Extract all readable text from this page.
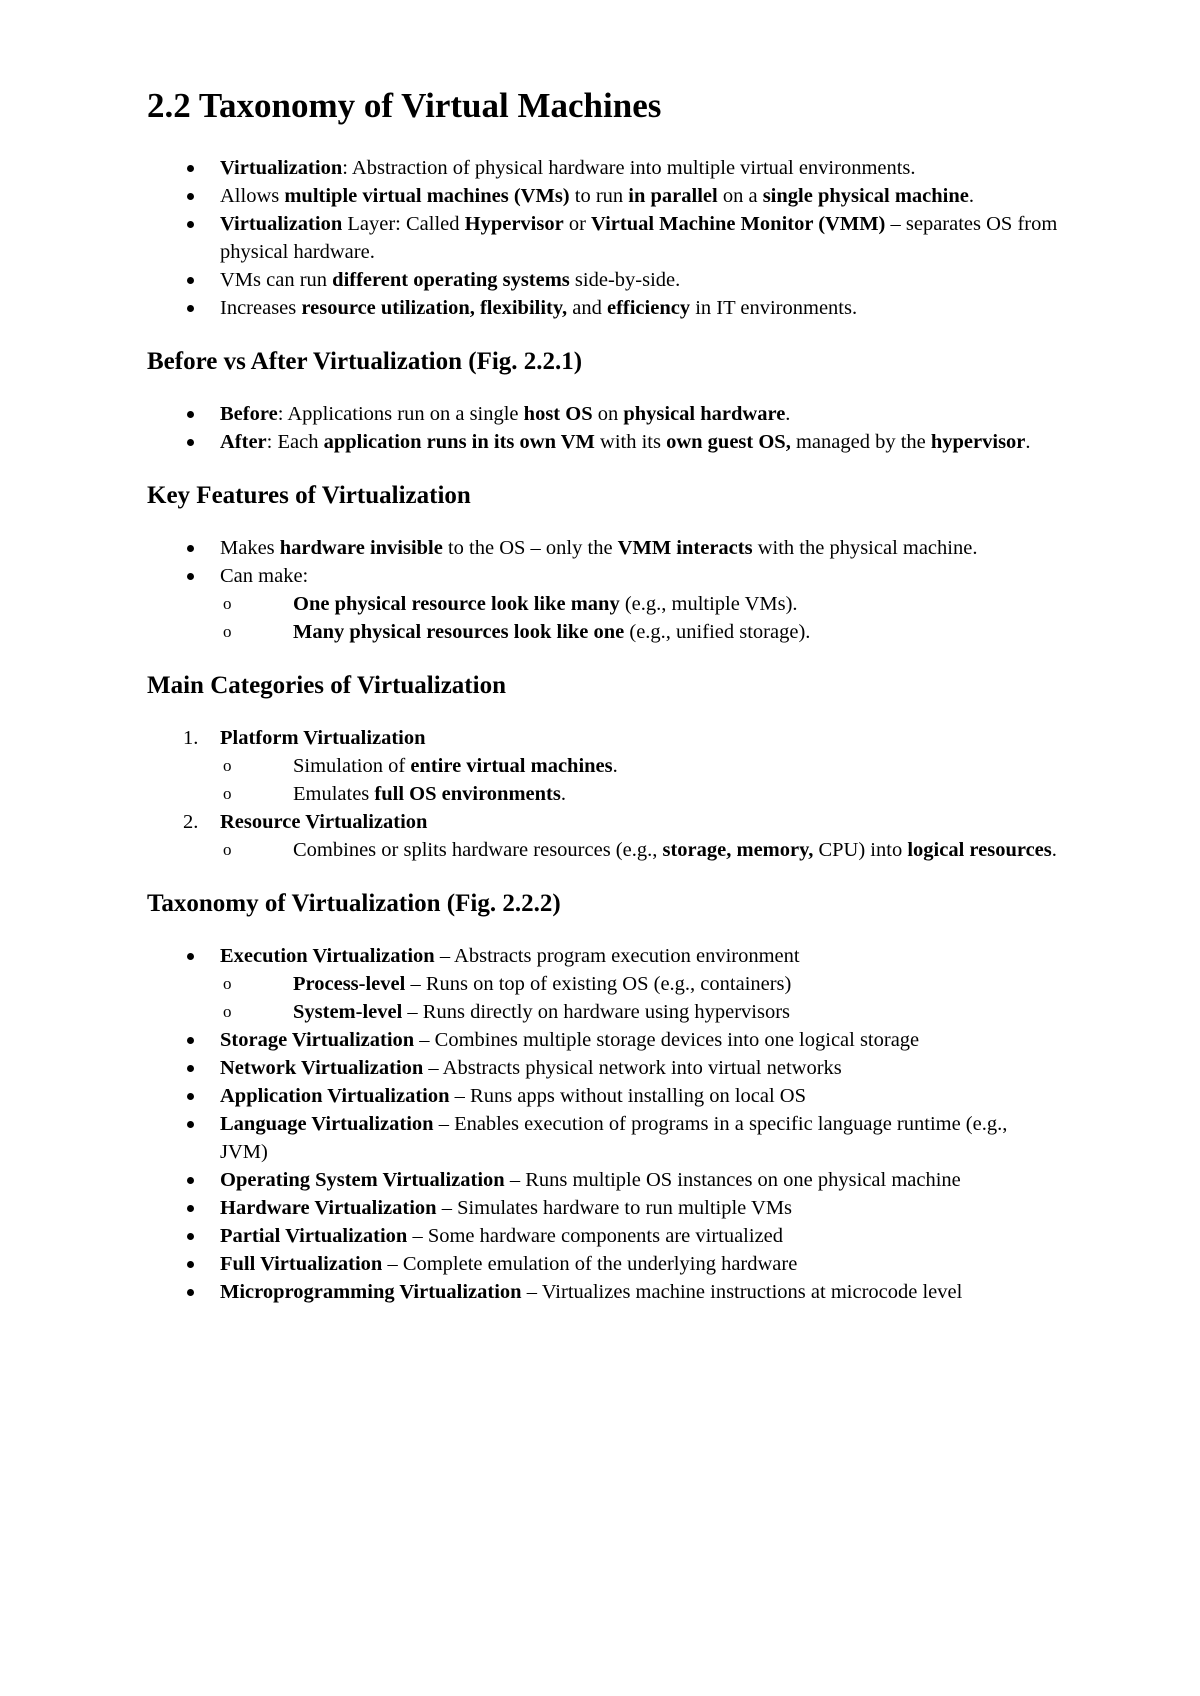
2.2 Taxonomy of Virtual Machines
Virtualization: Abstraction of physical hardware into multiple virtual environments.
Allows multiple virtual machines (VMs) to run in parallel on a single physical machine.
Virtualization Layer: Called Hypervisor or Virtual Machine Monitor (VMM) – separates OS from physical hardware.
VMs can run different operating systems side-by-side.
Increases resource utilization, flexibility, and efficiency in IT environments.
Before vs After Virtualization (Fig. 2.2.1)
Before: Applications run on a single host OS on physical hardware.
After: Each application runs in its own VM with its own guest OS, managed by the hypervisor.
Key Features of Virtualization
Makes hardware invisible to the OS – only the VMM interacts with the physical machine.
Can make:
o	One physical resource look like many (e.g., multiple VMs).
o	Many physical resources look like one (e.g., unified storage).
Main Categories of Virtualization
1. Platform Virtualization
o	Simulation of entire virtual machines.
o	Emulates full OS environments.
2. Resource Virtualization
o	Combines or splits hardware resources (e.g., storage, memory, CPU) into logical resources.
Taxonomy of Virtualization (Fig. 2.2.2)
Execution Virtualization – Abstracts program execution environment
o	Process-level – Runs on top of existing OS (e.g., containers)
o	System-level – Runs directly on hardware using hypervisors
Storage Virtualization – Combines multiple storage devices into one logical storage
Network Virtualization – Abstracts physical network into virtual networks
Application Virtualization – Runs apps without installing on local OS
Language Virtualization – Enables execution of programs in a specific language runtime (e.g., JVM)
Operating System Virtualization – Runs multiple OS instances on one physical machine
Hardware Virtualization – Simulates hardware to run multiple VMs
Partial Virtualization – Some hardware components are virtualized
Full Virtualization – Complete emulation of the underlying hardware
Microprogramming Virtualization – Virtualizes machine instructions at microcode level
